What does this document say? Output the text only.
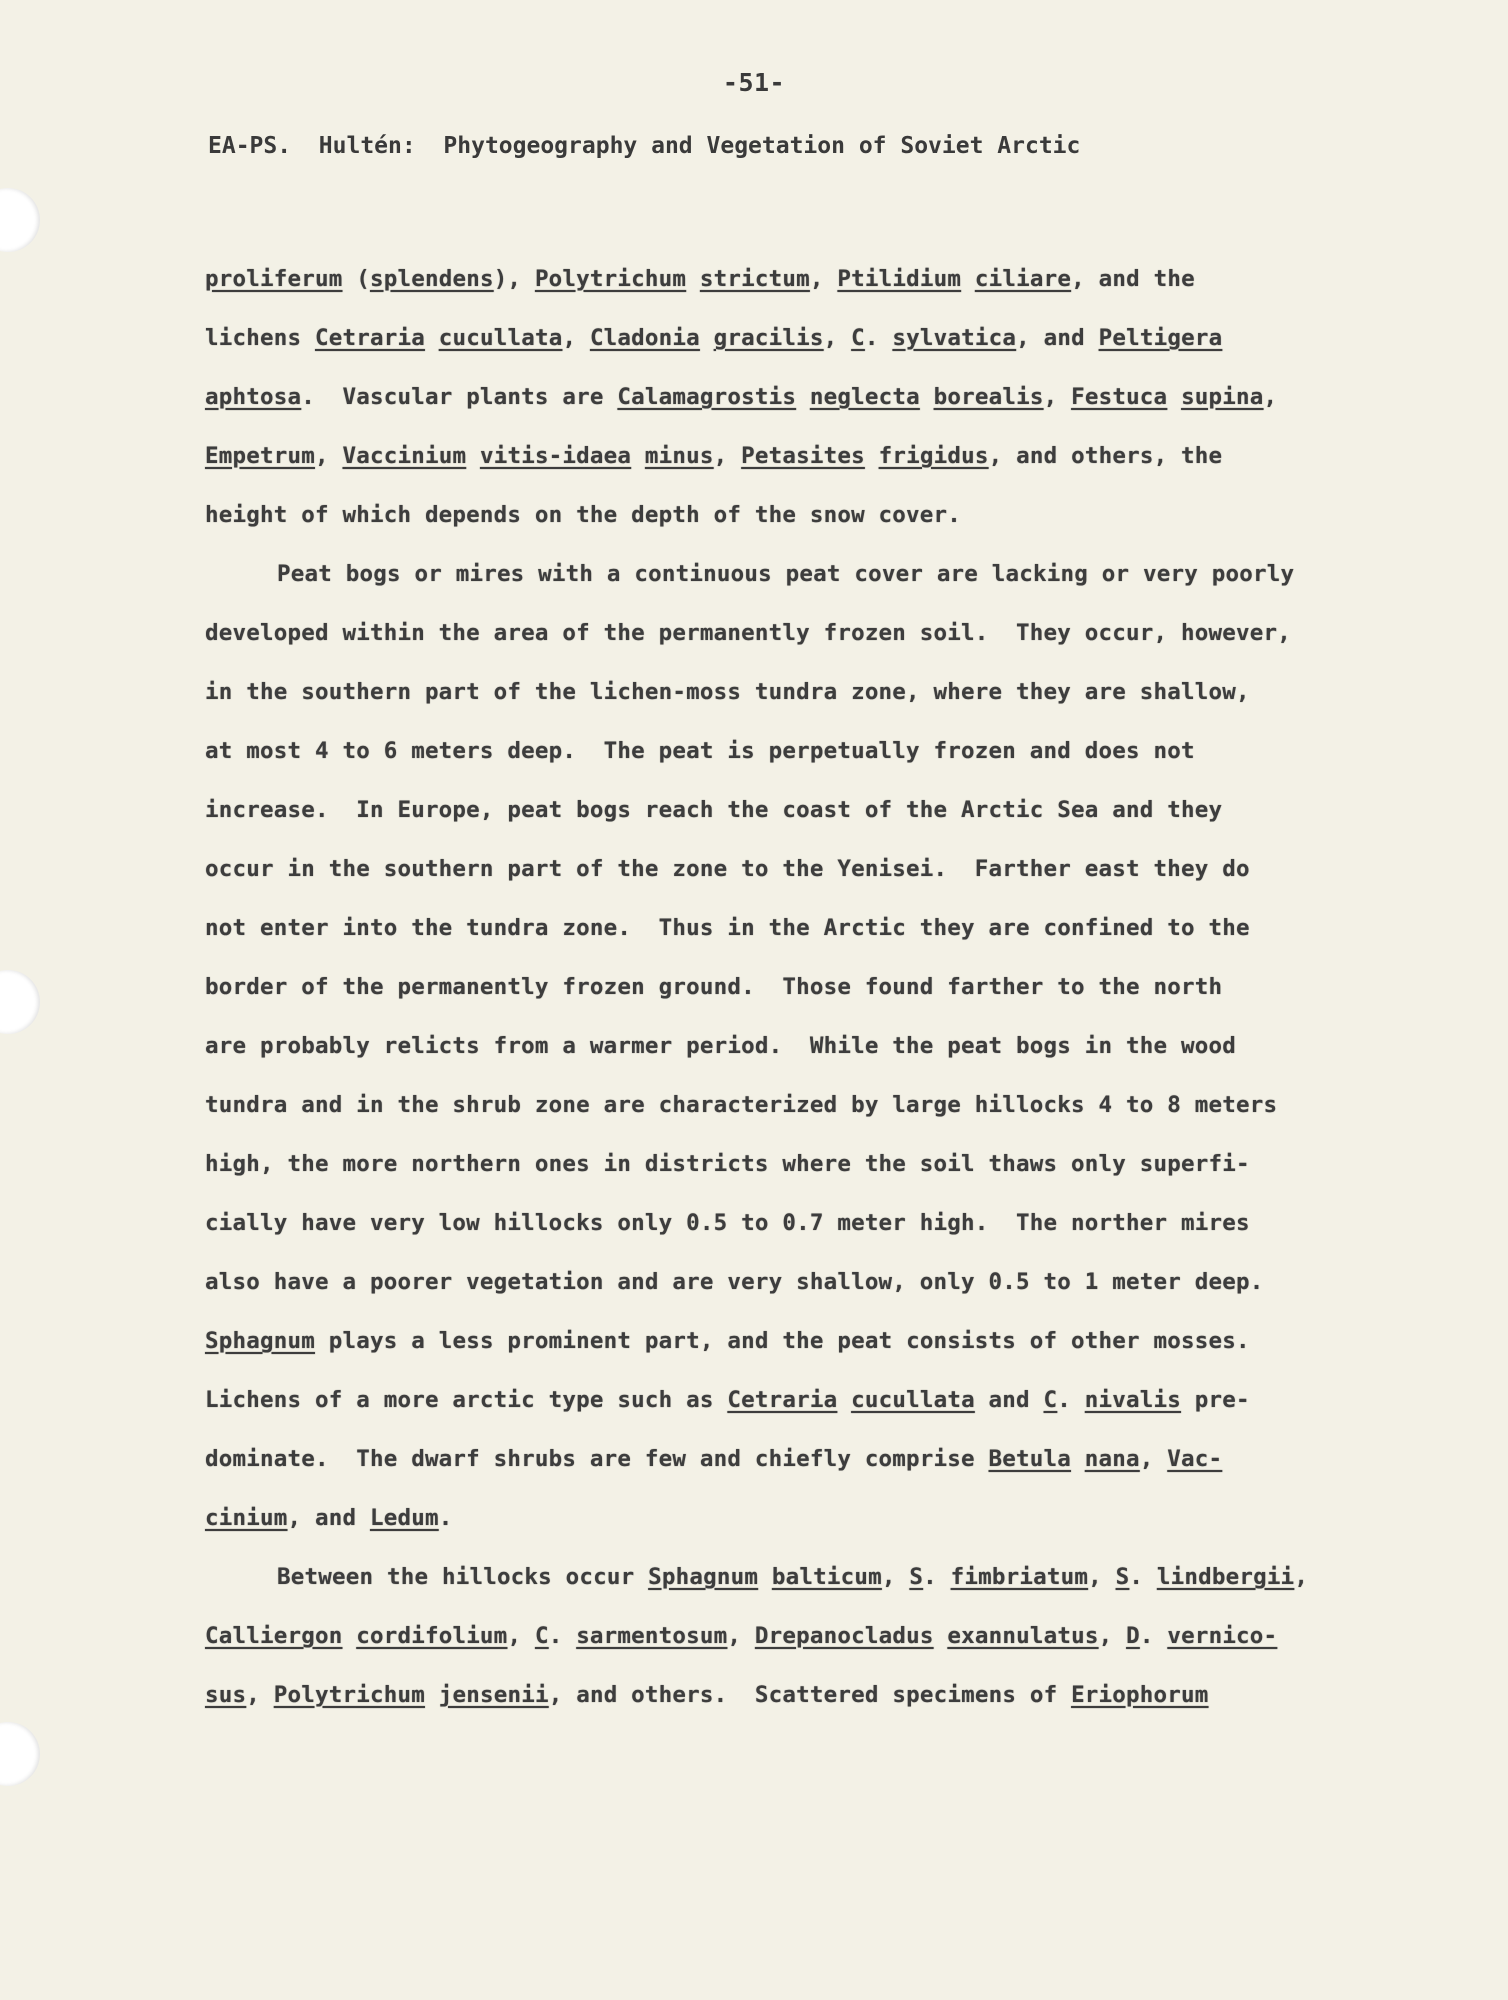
-51-
EA-PS.  Hultén:  Phytogeography and Vegetation of Soviet Arctic
proliferum (splendens), Polytrichum strictum, Ptilidium ciliare, and the
lichens Cetraria cucullata, Cladonia gracilis, C. sylvatica, and Peltigera
aphtosa.  Vascular plants are Calamagrostis neglecta borealis, Festuca supina,
Empetrum, Vaccinium vitis-idaea minus, Petasites frigidus, and others, the
height of which depends on the depth of the snow cover.
Peat bogs or mires with a continuous peat cover are lacking or very poorly
developed within the area of the permanently frozen soil.  They occur, however,
in the southern part of the lichen-moss tundra zone, where they are shallow,
at most 4 to 6 meters deep.  The peat is perpetually frozen and does not
increase.  In Europe, peat bogs reach the coast of the Arctic Sea and they
occur in the southern part of the zone to the Yenisei.  Farther east they do
not enter into the tundra zone.  Thus in the Arctic they are confined to the
border of the permanently frozen ground.  Those found farther to the north
are probably relicts from a warmer period.  While the peat bogs in the wood
tundra and in the shrub zone are characterized by large hillocks 4 to 8 meters
high, the more northern ones in districts where the soil thaws only superfi-
cially have very low hillocks only 0.5 to 0.7 meter high.  The norther mires
also have a poorer vegetation and are very shallow, only 0.5 to 1 meter deep.
Sphagnum plays a less prominent part, and the peat consists of other mosses.
Lichens of a more arctic type such as Cetraria cucullata and C. nivalis pre-
dominate.  The dwarf shrubs are few and chiefly comprise Betula nana, Vac-
cinium, and Ledum.
Between the hillocks occur Sphagnum balticum, S. fimbriatum, S. lindbergii,
Calliergon cordifolium, C. sarmentosum, Drepanocladus exannulatus, D. vernico-
sus, Polytrichum jensenii, and others.  Scattered specimens of Eriophorum
